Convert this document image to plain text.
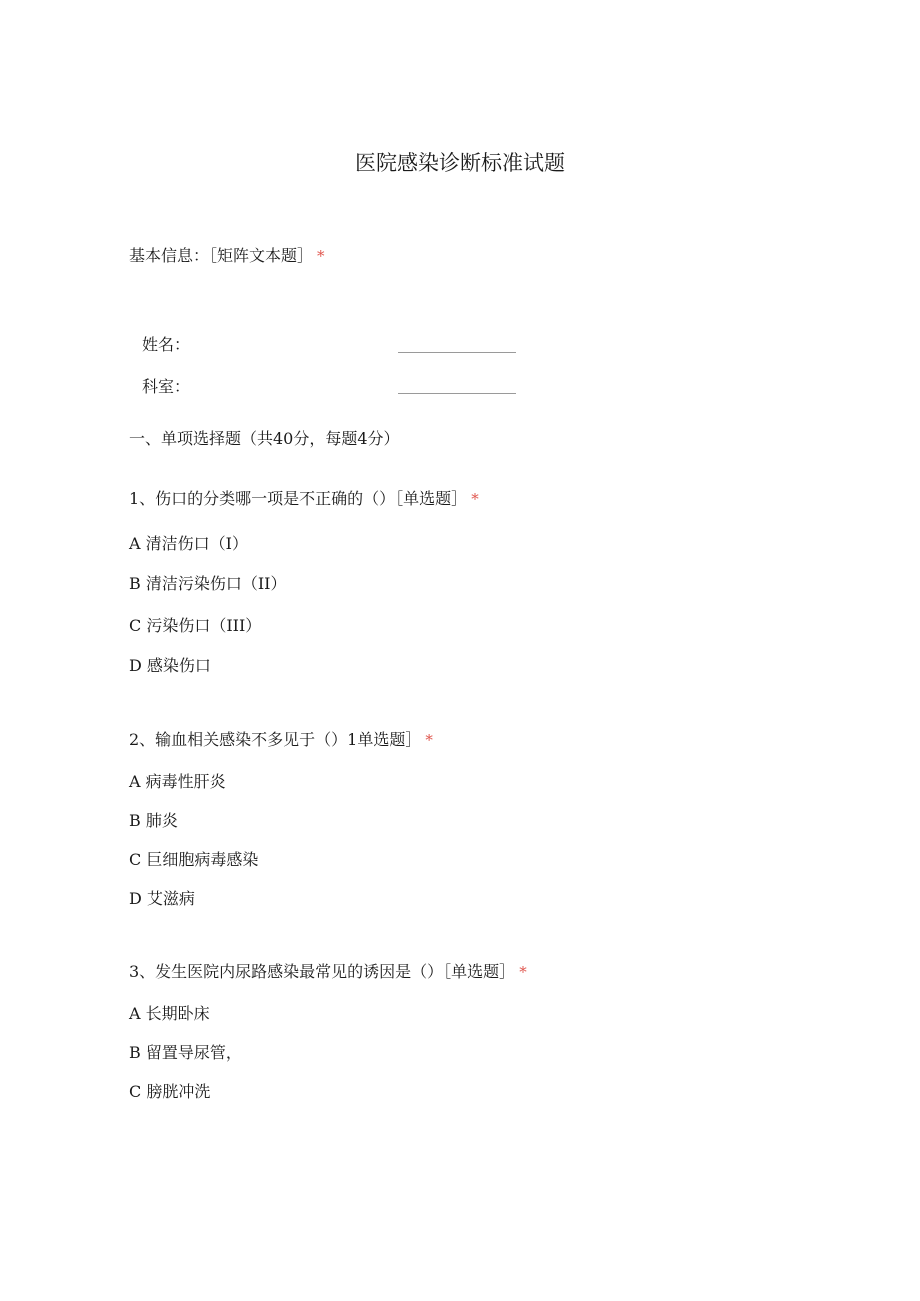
医院感染诊断标准试题
基本信息：［矩阵文本题］ *
姓名：
科室：
一、单项选择题（共40分，每题4分）
1、伤口的分类哪一项是不正确的（）［单选题］ *
A 清洁伤口（I）
B 清洁污染伤口（II）
C 污染伤口（III）
D 感染伤口
2、输血相关感染不多见于（）1单选题］ *
A 病毒性肝炎
B 肺炎
C 巨细胞病毒感染
D 艾滋病
3、发生医院内尿路感染最常见的诱因是（）［单选题］ *
A 长期卧床
B 留置导尿管，
C 膀胱冲洗
